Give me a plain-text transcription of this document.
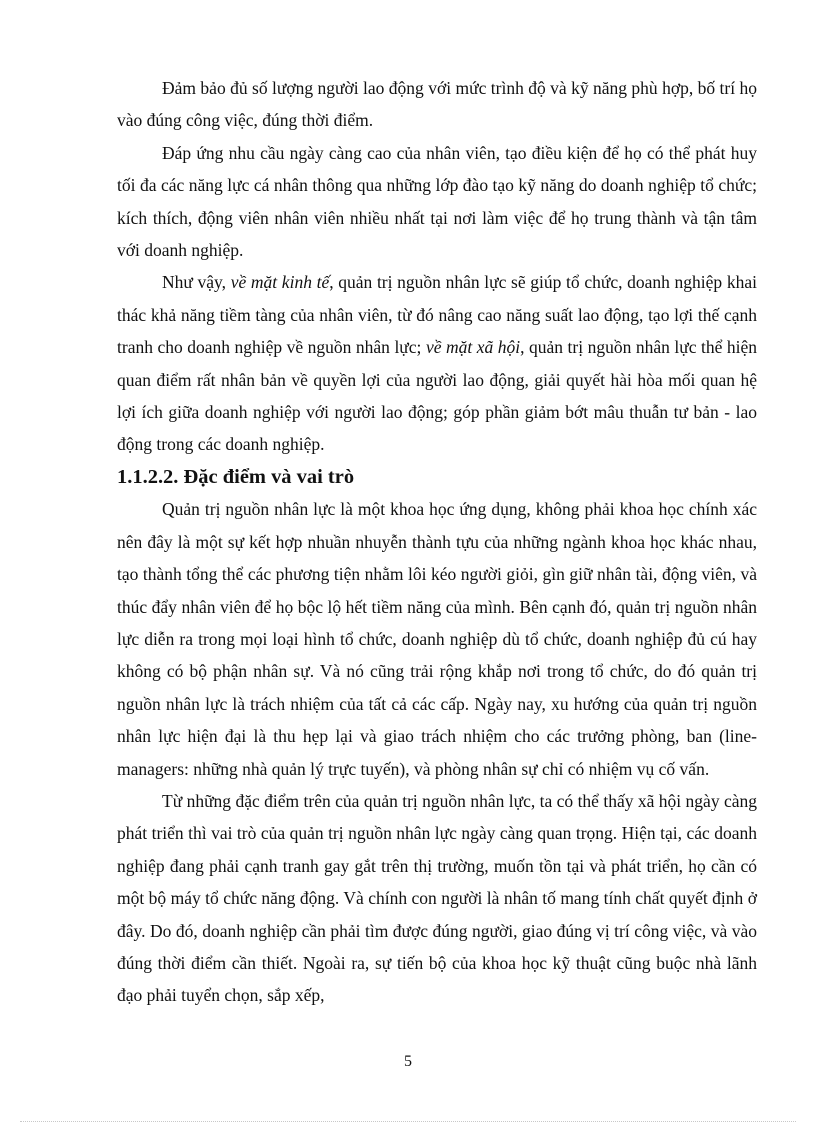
Đảm bảo đủ số lượng người lao động với mức trình độ và kỹ năng phù hợp, bố trí họ vào đúng công việc, đúng thời điểm.

Đáp ứng nhu cầu ngày càng cao của nhân viên, tạo điều kiện để họ có thể phát huy tối đa các năng lực cá nhân thông qua những lớp đào tạo kỹ năng do doanh nghiệp tổ chức; kích thích, động viên nhân viên nhiều nhất tại nơi làm việc để họ trung thành và tận tâm với doanh nghiệp.

Như vậy, về mặt kinh tế, quản trị nguồn nhân lực sẽ giúp tổ chức, doanh nghiệp khai thác khả năng tiềm tàng của nhân viên, từ đó nâng cao năng suất lao động, tạo lợi thế cạnh tranh cho doanh nghiệp về nguồn nhân lực; về mặt xã hội, quản trị nguồn nhân lực thể hiện quan điểm rất nhân bản về quyền lợi của người lao động, giải quyết hài hòa mối quan hệ lợi ích giữa doanh nghiệp với người lao động; góp phần giảm bớt mâu thuẫn tư bản - lao động trong các doanh nghiệp.

1.1.2.2. Đặc điểm và vai trò

Quản trị nguồn nhân lực là một khoa học ứng dụng, không phải khoa học chính xác nên đây là một sự kết hợp nhuần nhuyễn thành tựu của những ngành khoa học khác nhau, tạo thành tổng thể các phương tiện nhằm lôi kéo người giỏi, gìn giữ nhân tài, động viên, và thúc đẩy nhân viên để họ bộc lộ hết tiềm năng của mình. Bên cạnh đó, quản trị nguồn nhân lực diễn ra trong mọi loại hình tổ chức, doanh nghiệp dù tổ chức, doanh nghiệp đủ cú hay không có bộ phận nhân sự. Và nó cũng trải rộng khắp nơi trong tổ chức, do đó quản trị nguồn nhân lực là trách nhiệm của tất cả các cấp. Ngày nay, xu hướng của quản trị nguồn nhân lực hiện đại là thu hẹp lại và giao trách nhiệm cho các trưởng phòng, ban (line-managers: những nhà quản lý trực tuyến), và phòng nhân sự chỉ có nhiệm vụ cố vấn.

Từ những đặc điểm trên của quản trị nguồn nhân lực, ta có thể thấy xã hội ngày càng phát triển thì vai trò của quản trị nguồn nhân lực ngày càng quan trọng. Hiện tại, các doanh nghiệp đang phải cạnh tranh gay gắt trên thị trường, muốn tồn tại và phát triển, họ cần có một bộ máy tổ chức năng động. Và chính con người là nhân tố mang tính chất quyết định ở đây. Do đó, doanh nghiệp cần phải tìm được đúng người, giao đúng vị trí công việc, và vào đúng thời điểm cần thiết. Ngoài ra, sự tiến bộ của khoa học kỹ thuật cũng buộc nhà lãnh đạo phải tuyển chọn, sắp xếp,

5
